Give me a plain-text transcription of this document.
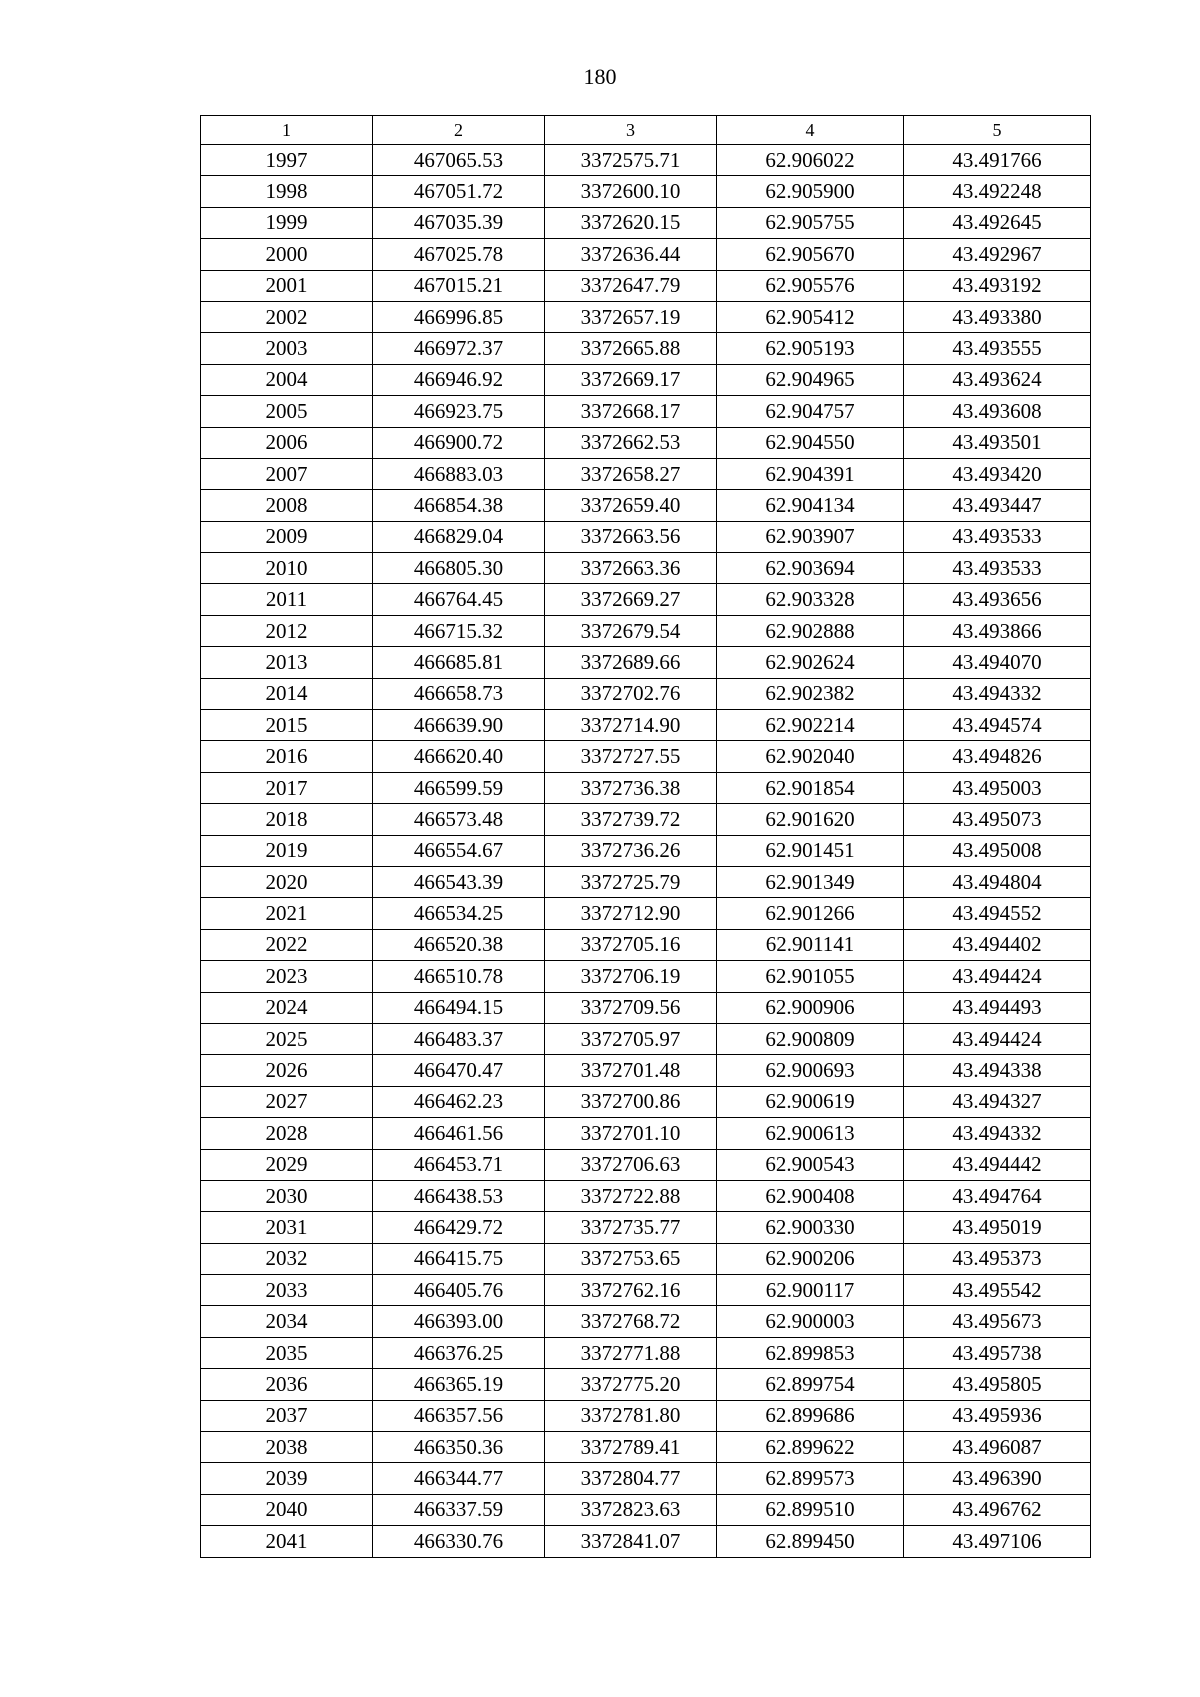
180
1	2	3	4	5
1997	467065.53	3372575.71	62.906022	43.491766
1998	467051.72	3372600.10	62.905900	43.492248
1999	467035.39	3372620.15	62.905755	43.492645
2000	467025.78	3372636.44	62.905670	43.492967
2001	467015.21	3372647.79	62.905576	43.493192
2002	466996.85	3372657.19	62.905412	43.493380
2003	466972.37	3372665.88	62.905193	43.493555
2004	466946.92	3372669.17	62.904965	43.493624
2005	466923.75	3372668.17	62.904757	43.493608
2006	466900.72	3372662.53	62.904550	43.493501
2007	466883.03	3372658.27	62.904391	43.493420
2008	466854.38	3372659.40	62.904134	43.493447
2009	466829.04	3372663.56	62.903907	43.493533
2010	466805.30	3372663.36	62.903694	43.493533
2011	466764.45	3372669.27	62.903328	43.493656
2012	466715.32	3372679.54	62.902888	43.493866
2013	466685.81	3372689.66	62.902624	43.494070
2014	466658.73	3372702.76	62.902382	43.494332
2015	466639.90	3372714.90	62.902214	43.494574
2016	466620.40	3372727.55	62.902040	43.494826
2017	466599.59	3372736.38	62.901854	43.495003
2018	466573.48	3372739.72	62.901620	43.495073
2019	466554.67	3372736.26	62.901451	43.495008
2020	466543.39	3372725.79	62.901349	43.494804
2021	466534.25	3372712.90	62.901266	43.494552
2022	466520.38	3372705.16	62.901141	43.494402
2023	466510.78	3372706.19	62.901055	43.494424
2024	466494.15	3372709.56	62.900906	43.494493
2025	466483.37	3372705.97	62.900809	43.494424
2026	466470.47	3372701.48	62.900693	43.494338
2027	466462.23	3372700.86	62.900619	43.494327
2028	466461.56	3372701.10	62.900613	43.494332
2029	466453.71	3372706.63	62.900543	43.494442
2030	466438.53	3372722.88	62.900408	43.494764
2031	466429.72	3372735.77	62.900330	43.495019
2032	466415.75	3372753.65	62.900206	43.495373
2033	466405.76	3372762.16	62.900117	43.495542
2034	466393.00	3372768.72	62.900003	43.495673
2035	466376.25	3372771.88	62.899853	43.495738
2036	466365.19	3372775.20	62.899754	43.495805
2037	466357.56	3372781.80	62.899686	43.495936
2038	466350.36	3372789.41	62.899622	43.496087
2039	466344.77	3372804.77	62.899573	43.496390
2040	466337.59	3372823.63	62.899510	43.496762
2041	466330.76	3372841.07	62.899450	43.497106
